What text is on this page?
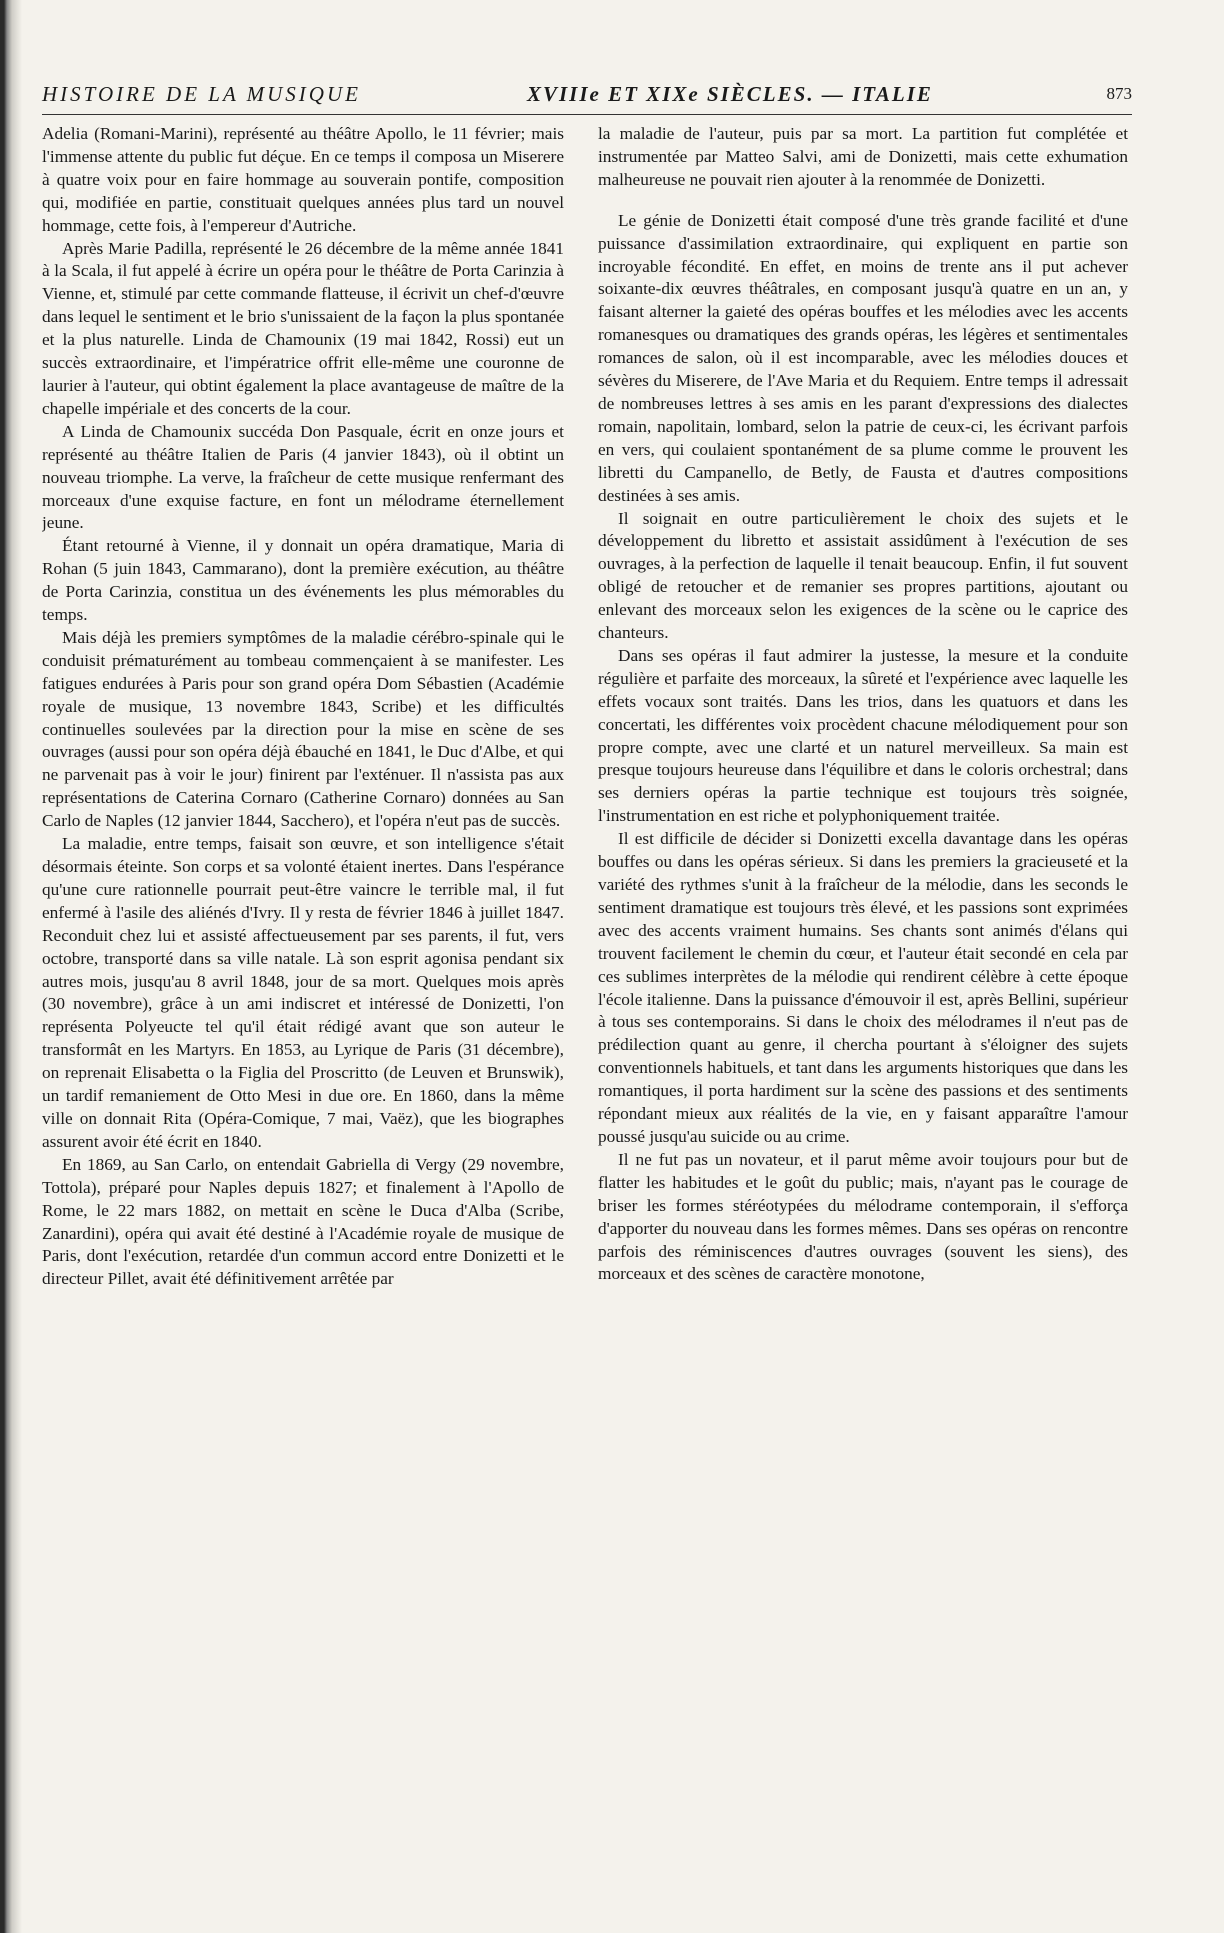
HISTOIRE DE LA MUSIQUE	XVIIIe ET XIXe SIÈCLES. — ITALIE	873

Adelia (Romani-Marini), représenté au théâtre Apollo, le 11 février; mais l'immense attente du public fut déçue. En ce temps il composa un Miserere à quatre voix pour en faire hommage au souverain pontife, composition qui, modifiée en partie, constituait quelques années plus tard un nouvel hommage, cette fois, à l'empereur d'Autriche.

Après Marie Padilla, représenté le 26 décembre de la même année 1841 à la Scala, il fut appelé à écrire un opéra pour le théâtre de Porta Carinzia à Vienne, et, stimulé par cette commande flatteuse, il écrivit un chef-d'œuvre dans lequel le sentiment et le brio s'unissaient de la façon la plus spontanée et la plus naturelle. Linda de Chamounix (19 mai 1842, Rossi) eut un succès extraordinaire, et l'impératrice offrit elle-même une couronne de laurier à l'auteur, qui obtint également la place avantageuse de maître de la chapelle impériale et des concerts de la cour.

A Linda de Chamounix succéda Don Pasquale, écrit en onze jours et représenté au théâtre Italien de Paris (4 janvier 1843), où il obtint un nouveau triomphe. La verve, la fraîcheur de cette musique renfermant des morceaux d'une exquise facture, en font un mélodrame éternellement jeune.

Étant retourné à Vienne, il y donnait un opéra dramatique, Maria di Rohan (5 juin 1843, Cammarano), dont la première exécution, au théâtre de Porta Carinzia, constitua un des événements les plus mémorables du temps.

Mais déjà les premiers symptômes de la maladie cérébro-spinale qui le conduisit prématurément au tombeau commençaient à se manifester. Les fatigues endurées à Paris pour son grand opéra Dom Sébastien (Académie royale de musique, 13 novembre 1843, Scribe) et les difficultés continuelles soulevées par la direction pour la mise en scène de ses ouvrages (aussi pour son opéra déjà ébauché en 1841, le Duc d'Albe, et qui ne parvenait pas à voir le jour) finirent par l'exténuer. Il n'assista pas aux représentations de Caterina Cornaro (Catherine Cornaro) données au San Carlo de Naples (12 janvier 1844, Sacchero), et l'opéra n'eut pas de succès.

La maladie, entre temps, faisait son œuvre, et son intelligence s'était désormais éteinte. Son corps et sa volonté étaient inertes. Dans l'espérance qu'une cure rationnelle pourrait peut-être vaincre le terrible mal, il fut enfermé à l'asile des aliénés d'Ivry. Il y resta de février 1846 à juillet 1847. Reconduit chez lui et assisté affectueusement par ses parents, il fut, vers octobre, transporté dans sa ville natale. Là son esprit agonisa pendant six autres mois, jusqu'au 8 avril 1848, jour de sa mort. Quelques mois après (30 novembre), grâce à un ami indiscret et intéressé de Donizetti, l'on représenta Polyeucte tel qu'il était rédigé avant que son auteur le transformât en les Martyrs. En 1853, au Lyrique de Paris (31 décembre), on reprenait Elisabetta o la Figlia del Proscritto (de Leuven et Brunswik), un tardif remaniement de Otto Mesi in due ore. En 1860, dans la même ville on donnait Rita (Opéra-Comique, 7 mai, Vaëz), que les biographes assurent avoir été écrit en 1840.

En 1869, au San Carlo, on entendait Gabriella di Vergy (29 novembre, Tottola), préparé pour Naples depuis 1827; et finalement à l'Apollo de Rome, le 22 mars 1882, on mettait en scène le Duca d'Alba (Scribe, Zanardini), opéra qui avait été destiné à l'Académie royale de musique de Paris, dont l'exécution, retardée d'un commun accord entre Donizetti et le directeur Pillet, avait été définitivement arrêtée par

la maladie de l'auteur, puis par sa mort. La partition fut complétée et instrumentée par Matteo Salvi, ami de Donizetti, mais cette exhumation malheureuse ne pouvait rien ajouter à la renommée de Donizetti.

Le génie de Donizetti était composé d'une très grande facilité et d'une puissance d'assimilation extraordinaire, qui expliquent en partie son incroyable fécondité. En effet, en moins de trente ans il put achever soixante-dix œuvres théâtrales, en composant jusqu'à quatre en un an, y faisant alterner la gaieté des opéras bouffes et les mélodies avec les accents romanesques ou dramatiques des grands opéras, les légères et sentimentales romances de salon, où il est incomparable, avec les mélodies douces et sévères du Miserere, de l'Ave Maria et du Requiem. Entre temps il adressait de nombreuses lettres à ses amis en les parant d'expressions des dialectes romain, napolitain, lombard, selon la patrie de ceux-ci, les écrivant parfois en vers, qui coulaient spontanément de sa plume comme le prouvent les libretti du Campanello, de Betly, de Fausta et d'autres compositions destinées à ses amis.

Il soignait en outre particulièrement le choix des sujets et le développement du libretto et assistait assidûment à l'exécution de ses ouvrages, à la perfection de laquelle il tenait beaucoup. Enfin, il fut souvent obligé de retoucher et de remanier ses propres partitions, ajoutant ou enlevant des morceaux selon les exigences de la scène ou le caprice des chanteurs.

Dans ses opéras il faut admirer la justesse, la mesure et la conduite régulière et parfaite des morceaux, la sûreté et l'expérience avec laquelle les effets vocaux sont traités. Dans les trios, dans les quatuors et dans les concertati, les différentes voix procèdent chacune mélodiquement pour son propre compte, avec une clarté et un naturel merveilleux. Sa main est presque toujours heureuse dans l'équilibre et dans le coloris orchestral; dans ses derniers opéras la partie technique est toujours très soignée, l'instrumentation en est riche et polyphoniquement traitée.

Il est difficile de décider si Donizetti excella davantage dans les opéras bouffes ou dans les opéras sérieux. Si dans les premiers la gracieuseté et la variété des rythmes s'unit à la fraîcheur de la mélodie, dans les seconds le sentiment dramatique est toujours très élevé, et les passions sont exprimées avec des accents vraiment humains. Ses chants sont animés d'élans qui trouvent facilement le chemin du cœur, et l'auteur était secondé en cela par ces sublimes interprètes de la mélodie qui rendirent célèbre à cette époque l'école italienne. Dans la puissance d'émouvoir il est, après Bellini, supérieur à tous ses contemporains. Si dans le choix des mélodrames il n'eut pas de prédilection quant au genre, il chercha pourtant à s'éloigner des sujets conventionnels habituels, et tant dans les arguments historiques que dans les romantiques, il porta hardiment sur la scène des passions et des sentiments répondant mieux aux réalités de la vie, en y faisant apparaître l'amour poussé jusqu'au suicide ou au crime.

Il ne fut pas un novateur, et il parut même avoir toujours pour but de flatter les habitudes et le goût du public; mais, n'ayant pas le courage de briser les formes stéréotypées du mélodrame contemporain, il s'efforça d'apporter du nouveau dans les formes mêmes. Dans ses opéras on rencontre parfois des réminiscences d'autres ouvrages (souvent les siens), des morceaux et des scènes de caractère monotone,
